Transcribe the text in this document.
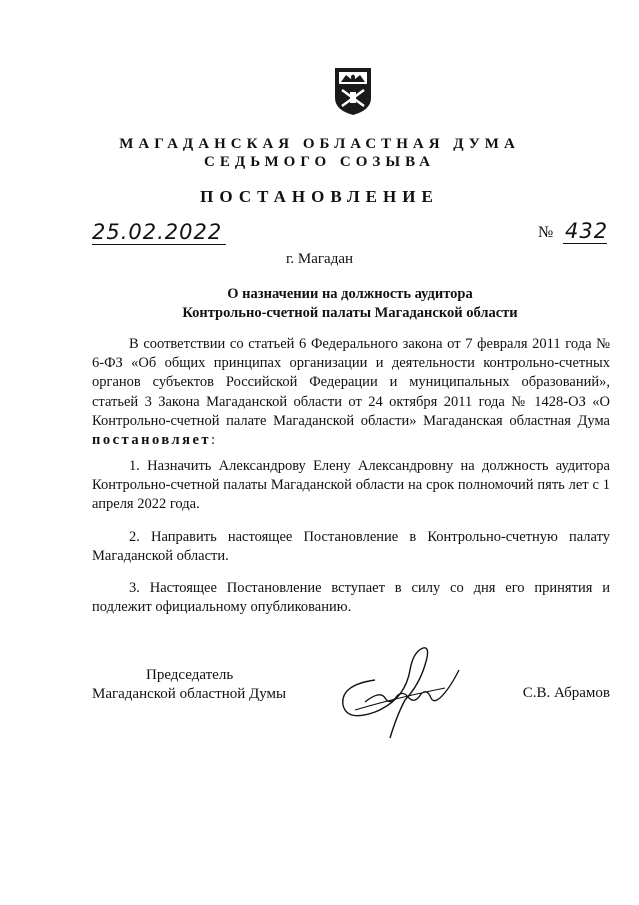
МАГАДАНСКАЯ ОБЛАСТНАЯ ДУМА
СЕДЬМОГО СОЗЫВА
ПОСТАНОВЛЕНИЕ
25.02.2022	№ 432
г. Магадан
О назначении на должность аудитора
Контрольно-счетной палаты Магаданской области

В соответствии со статьей 6 Федерального закона от 7 февраля 2011 года № 6-ФЗ «Об общих принципах организации и деятельности контрольно-счетных органов субъектов Российской Федерации и муниципальных образований», статьей 3 Закона Магаданской области от 24 октября 2011 года № 1428-ОЗ «О Контрольно-счетной палате Магаданской области» Магаданская областная Дума постановляет:

1. Назначить Александрову Елену Александровну на должность аудитора Контрольно-счетной палаты Магаданской области на срок полномочий пять лет с 1 апреля 2022 года.

2. Направить настоящее Постановление в Контрольно-счетную палату Магаданской области.

3. Настоящее Постановление вступает в силу со дня его принятия и подлежит официальному опубликованию.

Председатель
Магаданской областной Думы	С.В. Абрамов
